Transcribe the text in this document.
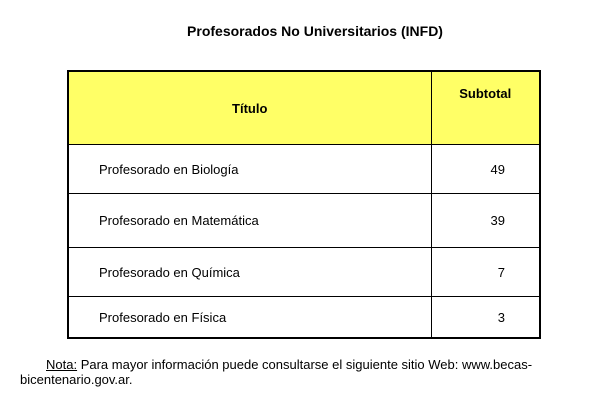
Profesorados No Universitarios (INFD)
Título	Subtotal
Profesorado en Biología	49
Profesorado en Matemática	39
Profesorado en Química	7
Profesorado en Física	3

Nota: Para mayor información puede consultarse el siguiente sitio Web: www.becas-bicentenario.gov.ar.
